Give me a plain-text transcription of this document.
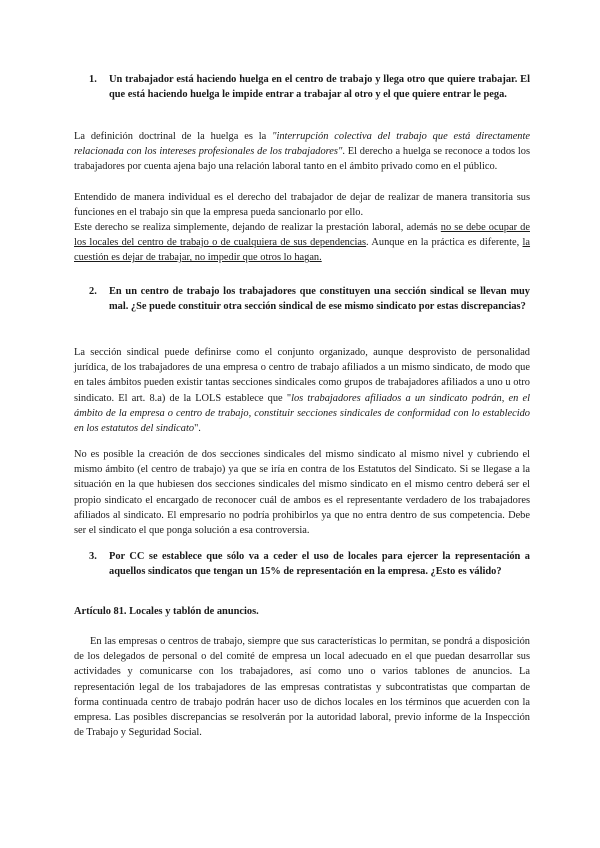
1. Un trabajador está haciendo huelga en el centro de trabajo y llega otro que quiere trabajar. El que está haciendo huelga le impide entrar a trabajar al otro y el que quiere entrar le pega.
La definición doctrinal de la huelga es la "interrupción colectiva del trabajo que está directamente relacionada con los intereses profesionales de los trabajadores". El derecho a huelga se reconoce a todos los trabajadores por cuenta ajena bajo una relación laboral tanto en el ámbito privado como en el público.
Entendido de manera individual es el derecho del trabajador de dejar de realizar de manera transitoria sus funciones en el trabajo sin que la empresa pueda sancionarlo por ello.
Este derecho se realiza simplemente, dejando de realizar la prestación laboral, además no se debe ocupar de los locales del centro de trabajo o de cualquiera de sus dependencias. Aunque en la práctica es diferente, la cuestión es dejar de trabajar, no impedir que otros lo hagan.
2. En un centro de trabajo los trabajadores que constituyen una sección sindical se llevan muy mal. ¿Se puede constituir otra sección sindical de ese mismo sindicato por estas discrepancias?
La sección sindical puede definirse como el conjunto organizado, aunque desprovisto de personalidad jurídica, de los trabajadores de una empresa o centro de trabajo afiliados a un mismo sindicato, de modo que en tales ámbitos pueden existir tantas secciones sindicales como grupos de trabajadores afiliados a uno u otro sindicato. El art. 8.a) de la LOLS establece que "los trabajadores afiliados a un sindicato podrán, en el ámbito de la empresa o centro de trabajo, constituir secciones sindicales de conformidad con lo establecido en los estatutos del sindicato".
No es posible la creación de dos secciones sindicales del mismo sindicato al mismo nivel y cubriendo el mismo ámbito (el centro de trabajo) ya que se iría en contra de los Estatutos del Sindicato. Si se llegase a la situación en la que hubiesen dos secciones sindicales del mismo sindicato en el mismo centro deberá ser el propio sindicato el encargado de reconocer cuál de ambos es el representante verdadero de los trabajadores afiliados al sindicato. El empresario no podría prohibirlos ya que no entra dentro de sus competencia. Debe ser el sindicato el que ponga solución a esa controversia.
3. Por CC se establece que sólo va a ceder el uso de locales para ejercer la representación a aquellos sindicatos que tengan un 15% de representación en la empresa. ¿Esto es válido?
Artículo 81. Locales y tablón de anuncios.
En las empresas o centros de trabajo, siempre que sus características lo permitan, se pondrá a disposición de los delegados de personal o del comité de empresa un local adecuado en el que puedan desarrollar sus actividades y comunicarse con los trabajadores, así como uno o varios tablones de anuncios. La representación legal de los trabajadores de las empresas contratistas y subcontratistas que compartan de forma continuada centro de trabajo podrán hacer uso de dichos locales en los términos que acuerden con la empresa. Las posibles discrepancias se resolverán por la autoridad laboral, previo informe de la Inspección de Trabajo y Seguridad Social.
